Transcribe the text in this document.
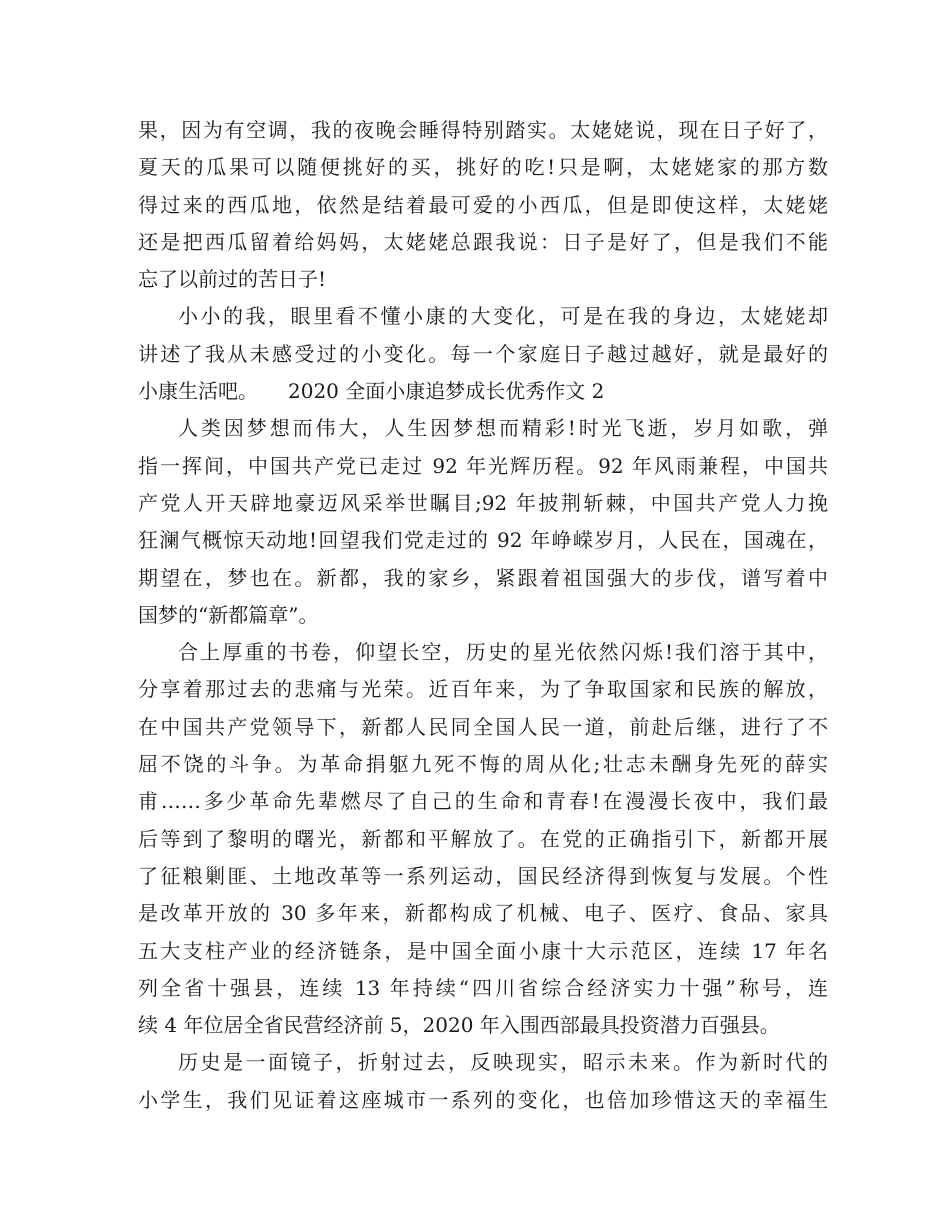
果，因为有空调，我的夜晚会睡得特别踏实。太姥姥说，现在日子好了，
夏天的瓜果可以随便挑好的买，挑好的吃!只是啊，太姥姥家的那方数
得过来的西瓜地，依然是结着最可爱的小西瓜，但是即使这样，太姥姥
还是把西瓜留着给妈妈，太姥姥总跟我说：日子是好了，但是我们不能
忘了以前过的苦日子!
小小的我，眼里看不懂小康的大变化，可是在我的身边，太姥姥却
讲述了我从未感受过的小变化。每一个家庭日子越过越好，就是最好的
小康生活吧。　　2020 全面小康追梦成长优秀作文 2
人类因梦想而伟大，人生因梦想而精彩!时光飞逝，岁月如歌，弹
指一挥间，中国共产党已走过 92 年光辉历程。92 年风雨兼程，中国共
产党人开天辟地豪迈风采举世瞩目;92 年披荆斩棘，中国共产党人力挽
狂澜气概惊天动地!回望我们党走过的 92 年峥嵘岁月，人民在，国魂在，
期望在，梦也在。新都，我的家乡，紧跟着祖国强大的步伐，谱写着中
国梦的“新都篇章”。
合上厚重的书卷，仰望长空，历史的星光依然闪烁!我们溶于其中，
分享着那过去的悲痛与光荣。近百年来，为了争取国家和民族的解放，
在中国共产党领导下，新都人民同全国人民一道，前赴后继，进行了不
屈不饶的斗争。为革命捐躯九死不悔的周从化;壮志未酬身先死的薛实
甫……多少革命先辈燃尽了自己的生命和青春!在漫漫长夜中，我们最
后等到了黎明的曙光，新都和平解放了。在党的正确指引下，新都开展
了征粮剿匪、土地改革等一系列运动，国民经济得到恢复与发展。个性
是改革开放的 30 多年来，新都构成了机械、电子、医疗、食品、家具
五大支柱产业的经济链条，是中国全面小康十大示范区，连续 17 年名
列全省十强县，连续 13 年持续“四川省综合经济实力十强”称号，连
续 4 年位居全省民营经济前 5，2020 年入围西部最具投资潜力百强县。
历史是一面镜子，折射过去，反映现实，昭示未来。作为新时代的
小学生，我们见证着这座城市一系列的变化，也倍加珍惜这天的幸福生
